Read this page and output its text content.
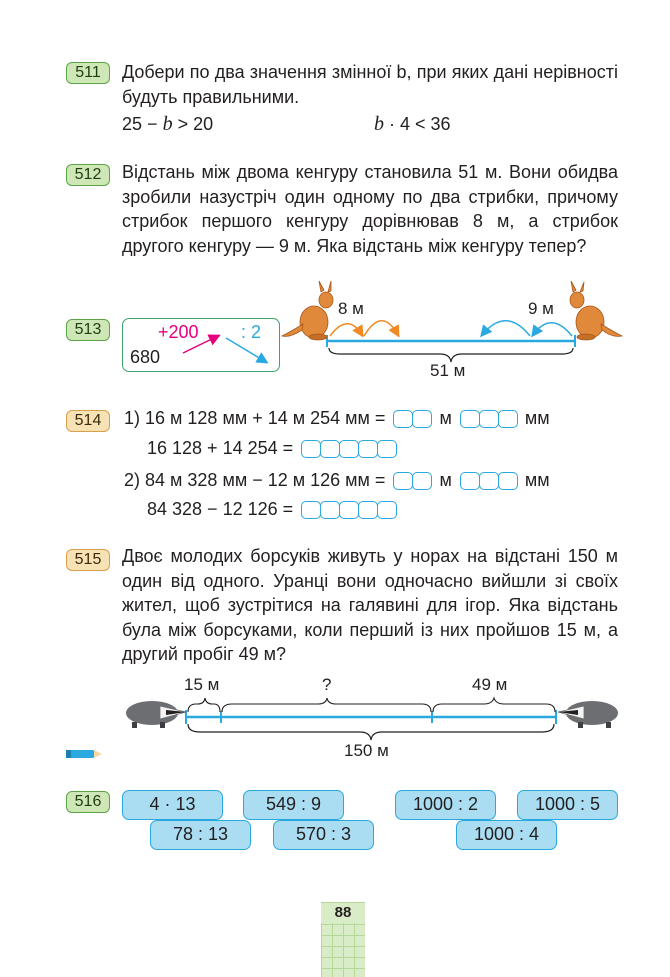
511	Добери по два значення змінної b, при яких дані нерівності будуть правильними.
25 − b > 20	b · 4 < 36
512	Відстань між двома кенгуру становила 51 м. Вони обидва зробили назустріч один одному по два стрибки, причому стрибок першого кенгуру дорівнював 8 м, а стрибок другого кенгуру — 9 м. Яка відстань між кенгуру тепер?
513	+200 : 2
680
8 м	9 м
51 м
514	1) 16 м 128 мм + 14 м 254 мм =	м	мм
16 128 + 14 254 =
2) 84 м 328 мм − 12 м 126 мм =	м	мм
84 328 − 12 126 =
515	Двоє молодих борсуків живуть у норах на відстані 150 м один від одного. Уранці вони одночасно вийшли зі своїх жител, щоб зустрітися на галявині для ігор. Яка відстань була між борсуками, коли перший із них пройшов 15 м, а другий пробіг 49 м?
15 м	?	49 м
150 м
516	4 · 13	549 : 9
78 : 13	570 : 3
1000 : 2	1000 : 5
1000 : 4
88
